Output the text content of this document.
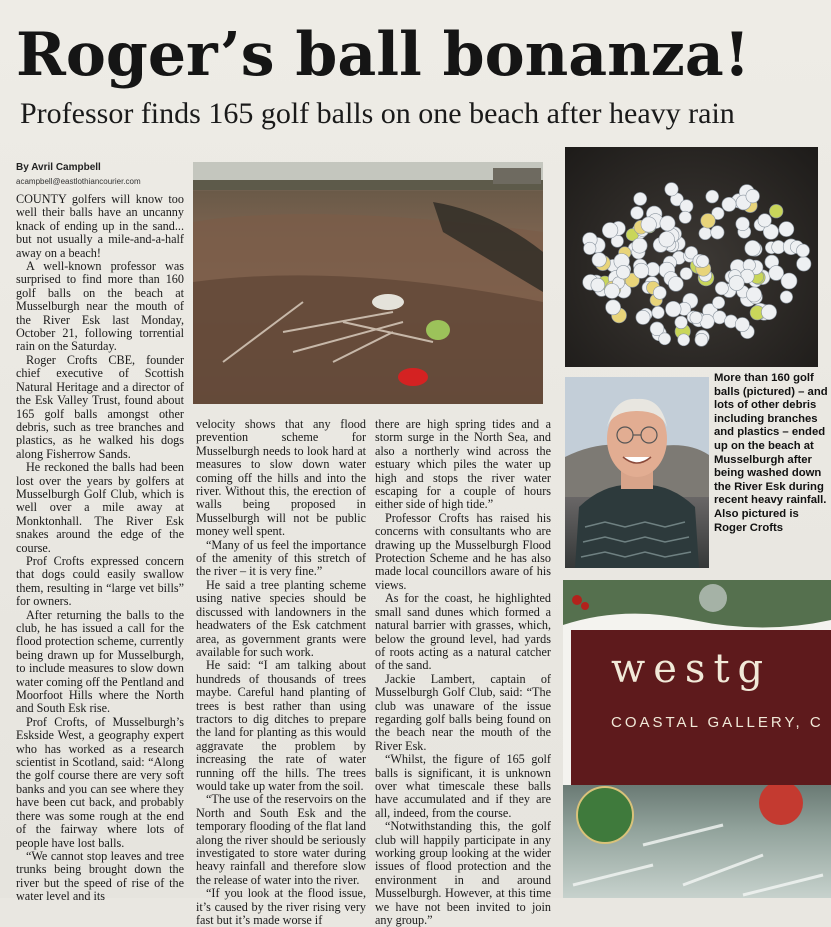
Roger’s ball bonanza!
Professor finds 165 golf balls on one beach after heavy rain
By Avril Campbell
acampbell@eastlothiancourier.com
More than 160 golf balls (pictured) – and lots of other debris including branches and plastics – ended up on the beach at Musselburgh after being washed down the River Esk during recent heavy rainfall. Also pictured is Roger Crofts

COUNTY golfers will know too well their balls have an uncanny knack of ending up in the sand... but not usually a mile-and-a-half away on a beach!

A well-known professor was surprised to find more than 160 golf balls on the beach at Musselburgh near the mouth of the River Esk last Monday, October 21, following torrential rain on the Saturday.

Roger Crofts CBE, founder chief executive of Scottish Natural Heritage and a director of the Esk Valley Trust, found about 165 golf balls amongst other debris, such as tree branches and plastics, as he walked his dogs along Fisherrow Sands.

He reckoned the balls had been lost over the years by golfers at Musselburgh Golf Club, which is well over a mile away at Monktonhall. The River Esk snakes around the edge of the course.

Prof Crofts expressed concern that dogs could easily swallow them, resulting in “large vet bills” for owners.

After returning the balls to the club, he has issued a call for the flood protection scheme, currently being drawn up for Musselburgh, to include measures to slow down water coming off the Pentland and Moorfoot Hills where the North and South Esk rise.

Prof Crofts, of Musselburgh’s Eskside West, a geography expert who has worked as a research scientist in Scotland, said: “Along the golf course there are very soft banks and you can see where they have been cut back, and probably there was some rough at the end of the fairway where lots of people have lost balls.

“We cannot stop leaves and tree trunks being brought down the river but the speed of rise of the water level and its

velocity shows that any flood prevention scheme for Musselburgh needs to look hard at measures to slow down water coming off the hills and into the river. Without this, the erection of walls being proposed in Musselburgh will not be public money well spent.

“Many of us feel the importance of the amenity of this stretch of the river – it is very fine.”

He said a tree planting scheme using native species should be discussed with landowners in the headwaters of the Esk catchment area, as government grants were available for such work.

He said: “I am talking about hundreds of thousands of trees maybe. Careful hand planting of trees is best rather than using tractors to dig ditches to prepare the land for planting as this would aggravate the problem by increasing the rate of water running off the hills. The trees would take up water from the soil.

“The use of the reservoirs on the North and South Esk and the temporary flooding of the flat land along the river should be seriously investigated to store water during heavy rainfall and therefore slow the release of water into the river.

“If you look at the flood issue, it’s caused by the river rising very fast but it’s made worse if

there are high spring tides and a storm surge in the North Sea, and also a northerly wind across the estuary which piles the water up high and stops the river water escaping for a couple of hours either side of high tide.”

Professor Crofts has raised his concerns with consultants who are drawing up the Musselburgh Flood Protection Scheme and he has also made local councillors aware of his views.

As for the coast, he highlighted small sand dunes which formed a natural barrier with grasses, which, below the ground level, had yards of roots acting as a natural catcher of the sand.

Jackie Lambert, captain of Musselburgh Golf Club, said: “The club was unaware of the issue regarding golf balls being found on the beach near the mouth of the River Esk.

“Whilst, the figure of 165 golf balls is significant, it is unknown over what timescale these balls have accumulated and if they are all, indeed, from the course.

“Notwithstanding this, the golf club will happily participate in any working group looking at the wider issues of flood protection and the environment in and around Musselburgh. However, at this time we have not been invited to join any group.”

westg
COASTAL GALLERY, C
